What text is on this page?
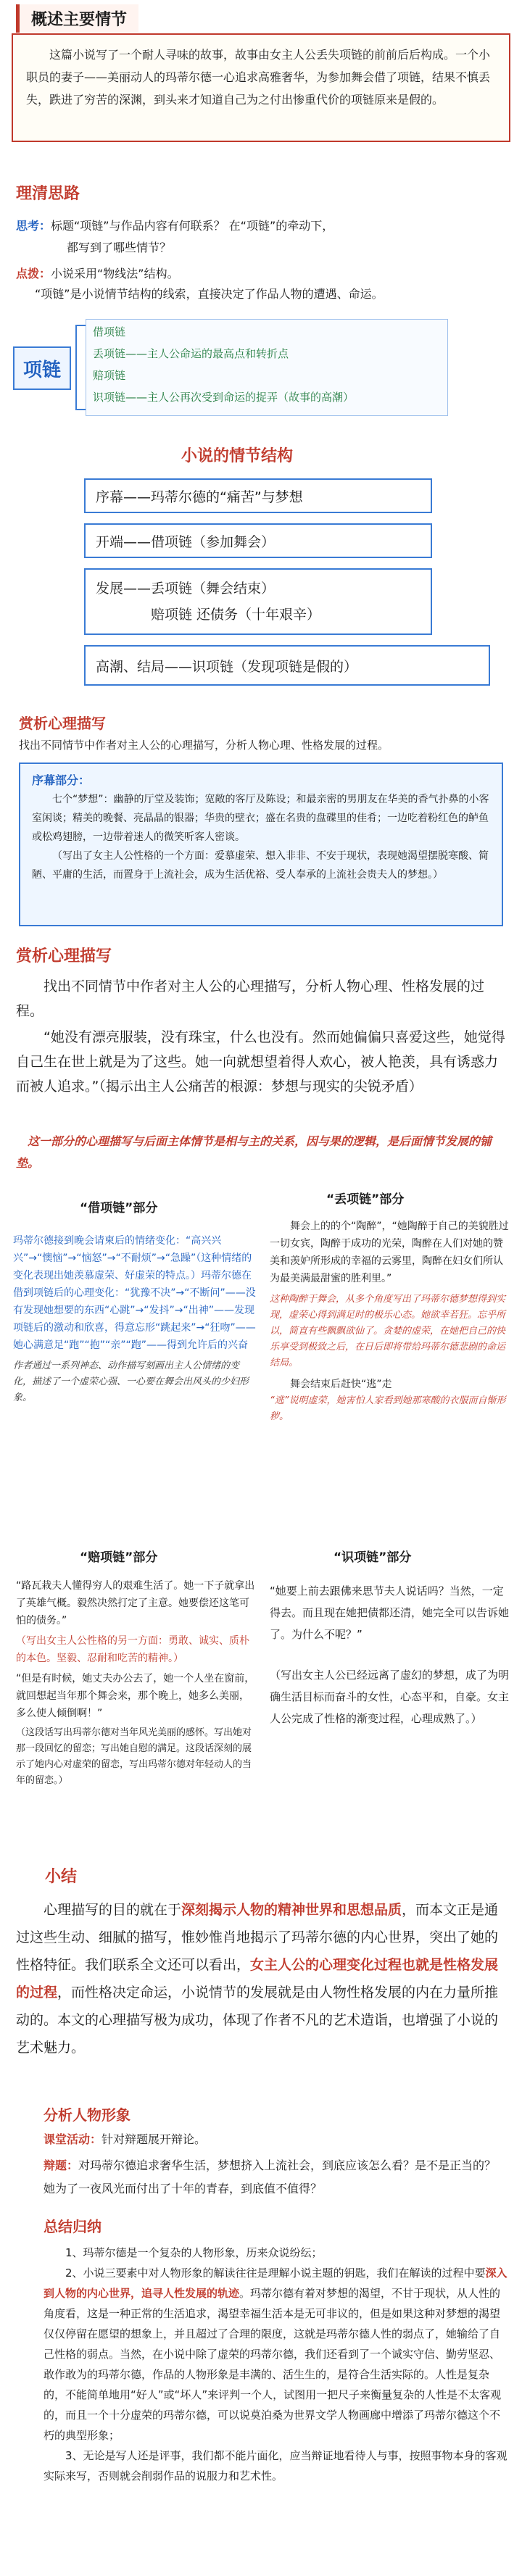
概述主要情节

这篇小说写了一个耐人寻味的故事，故事由女主人公丢失项链的前前后后构成。一个小职员的妻子——美丽动人的玛蒂尔德一心追求高雅奢华，为参加舞会借了项链，结果不慎丢失，跌进了穷苦的深渊，到头来才知道自己为之付出惨重代价的项链原来是假的。

理清思路
思考：标题“项链”与作品内容有何联系？ 在“项链”的牵动下，
都写到了哪些情节？
点拨：小说采用“物线法”结构。
“项链”是小说情节结构的线索，直接决定了作品人物的遭遇、命运。
项链
借项链
丢项链——主人公命运的最高点和转折点
赔项链
识项链——主人公再次受到命运的捉弄（故事的高潮）
小说的情节结构
序幕——玛蒂尔德的“痛苦”与梦想
开端——借项链（参加舞会）
发展——丢项链（舞会结束）
赔项链 还债务（十年艰辛）
高潮、结局——识项链（发现项链是假的）
赏析心理描写
找出不同情节中作者对主人公的心理描写，分析人物心理、性格发展的过程。
序幕部分：

七个“梦想”：幽静的厅堂及装饰；宽敞的客厅及陈设；和最亲密的男朋友在华美的香气扑鼻的小客室闲谈；精美的晚餐、亮晶晶的银器；华贵的壁衣；盛在名贵的盘碟里的佳肴；一边吃着粉红色的鲈鱼或松鸡翅膀，一边带着迷人的微笑听客人密谈。

（写出了女主人公性格的一个方面：爱慕虚荣、想入非非、不安于现状，表现她渴望摆脱寒酸、简陋、平庸的生活，而置身于上流社会，成为生活优裕、受人奉承的上流社会贵夫人的梦想。）

赏析心理描写

找出不同情节中作者对主人公的心理描写，分析人物心理、性格发展的过程。

“她没有漂亮服装，没有珠宝，什么也没有。然而她偏偏只喜爱这些，她觉得自己生在世上就是为了这些。她一向就想望着得人欢心，被人艳羡，具有诱惑力而被人追求。”（揭示出主人公痛苦的根源：梦想与现实的尖锐矛盾）

这一部分的心理描写与后面主体情节是相与主的关系，因与果的逻辑，是后面情节发展的铺垫。

“借项链”部分

玛蒂尔德接到晚会请柬后的情绪变化：“高兴兴兴”→“懊恼”→“恼怒”→“不耐烦”→“急躁”（这种情绪的变化表现出她羡慕虚荣、好虚荣的特点。）玛蒂尔德在借到项链后的心理变化：“犹豫不决”→“不断问”——没有发现她想要的东西“心跳”→“发抖”→“出神”——发现项链后的激动和欣喜，得意忘形“跳起来”→“狂吻”——她心满意足“跑”“抱”“亲”“跑”——得到允许后的兴奋

作者通过一系列神态、动作描写刻画出主人公情绪的变化，描述了一个虚荣心强、一心要在舞会出风头的少妇形象。

“丢项链”部分

舞会上的的个“陶醉”，“她陶醉于自己的美貌胜过一切女宾，陶醉于成功的光荣，陶醉在人们对她的赞美和羡妒所形成的幸福的云雾里，陶醉在妇女们所认为最美满最甜蜜的胜利里。”

这种陶醉于舞会，从多个角度写出了玛蒂尔德梦想得到实现，虚荣心得到满足时的极乐心态。她欲幸若狂。忘乎所以，简直有些飘飘欲仙了。贪婪的虚荣，在她把自己的快乐享受到极致之后，在日后即将带给玛蒂尔德悲剧的命运结局。

舞会结束后赶快“逃”走

“逃”说明虚荣，她害怕人家看到她那寒酸的衣服而自惭形秽。

“赔项链”部分

“路瓦栽夫人懂得穷人的艰难生活了。她一下子就拿出了英雄气概。毅然决然打定了主意。她要偿还这笔可怕的债务。”

（写出女主人公性格的另一方面：勇敢、诚实、质朴的本色。坚毅、忍耐和吃苦的精神。）

“但是有时候，她丈夫办公去了，她一个人坐在窗前，就回想起当年那个舞会来，那个晚上，她多么美丽，多么使人倾倒啊！”

（这段话写出玛蒂尔德对当年风光美丽的感怀。写出她对那一段回忆的留恋；写出她自慰的满足。这段话深刻的展示了她内心对虚荣的留恋，写出玛蒂尔德对年轻动人的当年的留恋。）

“识项链”部分

“她要上前去跟佛来思节夫人说话吗？当然，一定得去。而且现在她把债都还清，她完全可以告诉她了。为什么不呢？”

（写出女主人公已经远离了虚幻的梦想，成了为明确生活目标而奋斗的女性，心态平和，自豪。女主人公完成了性格的渐变过程，心理成熟了。）

小结

心理描写的目的就在于深刻揭示人物的精神世界和思想品质，而本文正是通过这些生动、细腻的描写，惟妙惟肖地揭示了玛蒂尔德的内心世界，突出了她的性格特征。我们联系全文还可以看出，女主人公的心理变化过程也就是性格发展的过程，而性格决定命运，小说情节的发展就是由人物性格发展的内在力量所推动的。本文的心理描写极为成功，体现了作者不凡的艺术造诣，也增强了小说的艺术魅力。

分析人物形象
课堂活动：针对辩题展开辩论。

辩题：对玛蒂尔德追求奢华生活，梦想挤入上流社会，到底应该怎么看？是不是正当的？她为了一夜风光而付出了十年的青春，到底值不值得？

总结归纳

1、玛蒂尔德是一个复杂的人物形象，历来众说纷纭；

2、小说三要素中对人物形象的解读往往是理解小说主题的钥匙，我们在解读的过程中要深入到人物的内心世界，追寻人性发展的轨迹。玛蒂尔德有着对梦想的渴望，不甘于现状，从人性的角度看，这是一种正常的生活追求，渴望幸福生活本是无可非议的，但是如果这种对梦想的渴望仅仅停留在愿望的想象上，并且超过了合理的限度，这就是玛蒂尔德人性的弱点了，她输给了自己性格的弱点。当然，在小说中除了虚荣的玛蒂尔德，我们还看到了一个诚实守信、勤劳坚忍、敢作敢为的玛蒂尔德，作品的人物形象是丰满的、活生生的，是符合生活实际的。人性是复杂的，不能简单地用“好人”或“坏人”来评判一个人，试图用一把尺子来衡量复杂的人性是不太客观的，而且一个十分虚荣的玛蒂尔德，可以说莫泊桑为世界文学人物画廊中增添了玛蒂尔德这个不朽的典型形象；

3、无论是写人还是评事，我们都不能片面化，应当辩证地看待人与事，按照事物本身的客观实际来写，否则就会削弱作品的说服力和艺术性。
